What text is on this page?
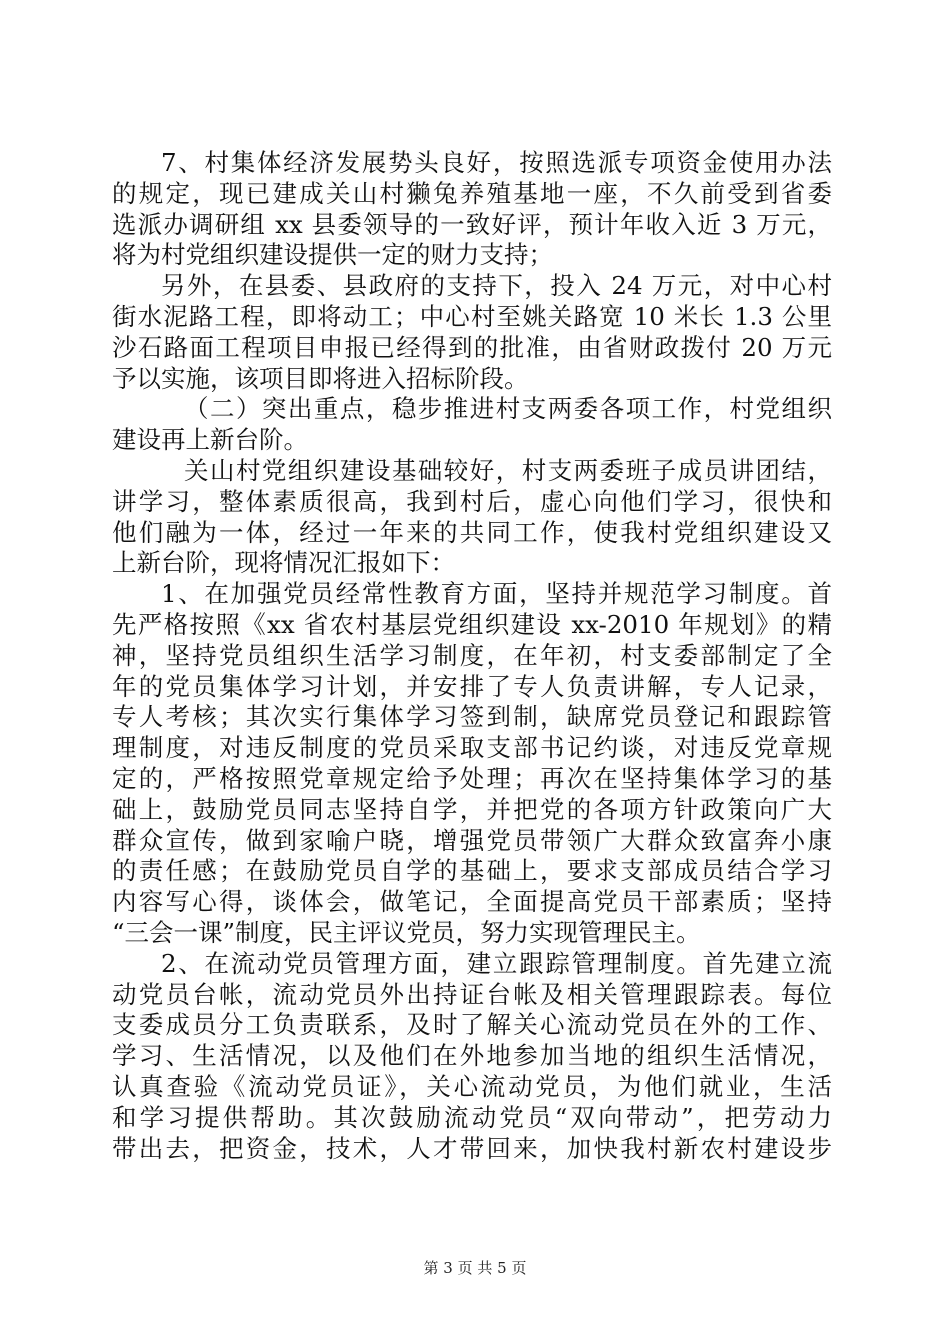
7、村集体经济发展势头良好，按照选派专项资金使用办法
的规定，现已建成关山村獭兔养殖基地一座，不久前受到省委
选派办调研组 xx 县委领导的一致好评，预计年收入近 3 万元，
将为村党组织建设提供一定的财力支持；
另外，在县委、县政府的支持下，投入 24 万元，对中心村
街水泥路工程，即将动工；中心村至姚关路宽 10 米长 1.3 公里
沙石路面工程项目申报已经得到的批准，由省财政拨付 20 万元
予以实施，该项目即将进入招标阶段。
（二）突出重点，稳步推进村支两委各项工作，村党组织
建设再上新台阶。
关山村党组织建设基础较好，村支两委班子成员讲团结，
讲学习，整体素质很高，我到村后，虚心向他们学习，很快和
他们融为一体，经过一年来的共同工作，使我村党组织建设又
上新台阶，现将情况汇报如下：
1、在加强党员经常性教育方面，坚持并规范学习制度。首
先严格按照《xx 省农村基层党组织建设 xx-2010 年规划》的精
神，坚持党员组织生活学习制度，在年初，村支委部制定了全
年的党员集体学习计划，并安排了专人负责讲解，专人记录，
专人考核；其次实行集体学习签到制，缺席党员登记和跟踪管
理制度，对违反制度的党员采取支部书记约谈，对违反党章规
定的，严格按照党章规定给予处理；再次在坚持集体学习的基
础上，鼓励党员同志坚持自学，并把党的各项方针政策向广大
群众宣传，做到家喻户晓，增强党员带领广大群众致富奔小康
的责任感；在鼓励党员自学的基础上，要求支部成员结合学习
内容写心得，谈体会，做笔记，全面提高党员干部素质；坚持
“三会一课”制度，民主评议党员，努力实现管理民主。
2、在流动党员管理方面，建立跟踪管理制度。首先建立流
动党员台帐，流动党员外出持证台帐及相关管理跟踪表。每位
支委成员分工负责联系，及时了解关心流动党员在外的工作、
学习、生活情况，以及他们在外地参加当地的组织生活情况，
认真查验《流动党员证》，关心流动党员，为他们就业，生活
和学习提供帮助。其次鼓励流动党员“双向带动”，把劳动力
带出去，把资金，技术，人才带回来，加快我村新农村建设步
第 3 页 共 5 页
